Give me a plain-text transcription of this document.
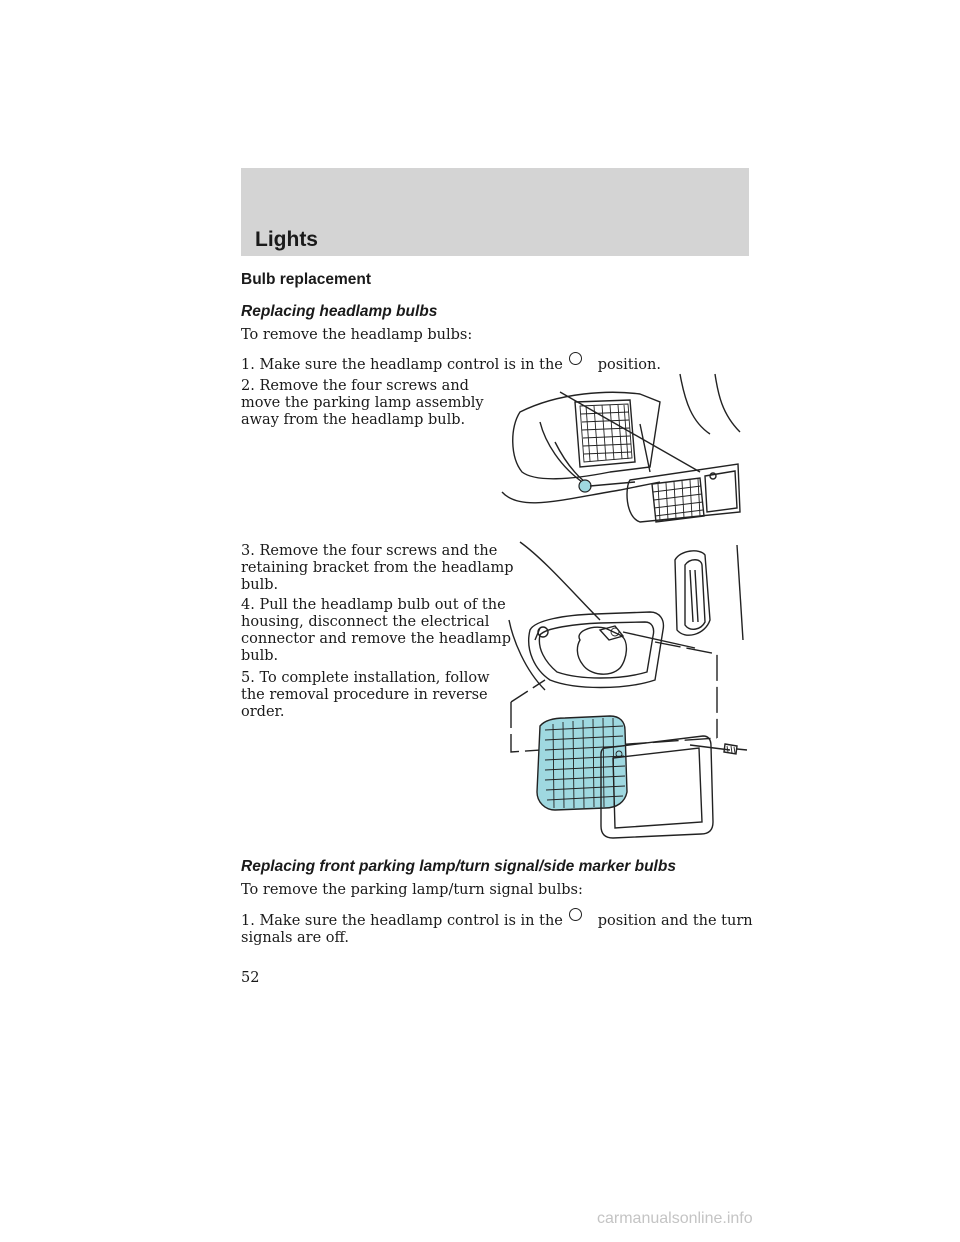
Lights
Bulb replacement
Replacing headlamp bulbs
To remove the headlamp bulbs:
1. Make sure the headlamp control is in the position.
2. Remove the four screws and
move the parking lamp assembly
away from the headlamp bulb.
3. Remove the four screws and the
retaining bracket from the headlamp
bulb.
4. Pull the headlamp bulb out of the
housing, disconnect the electrical
connector and remove the headlamp
bulb.
5. To complete installation, follow
the removal procedure in reverse
order.
Replacing front parking lamp/turn signal/side marker bulbs
To remove the parking lamp/turn signal bulbs:
1. Make sure the headlamp control is in the position and the turn
signals are off.
52
carmanualsonline.info
